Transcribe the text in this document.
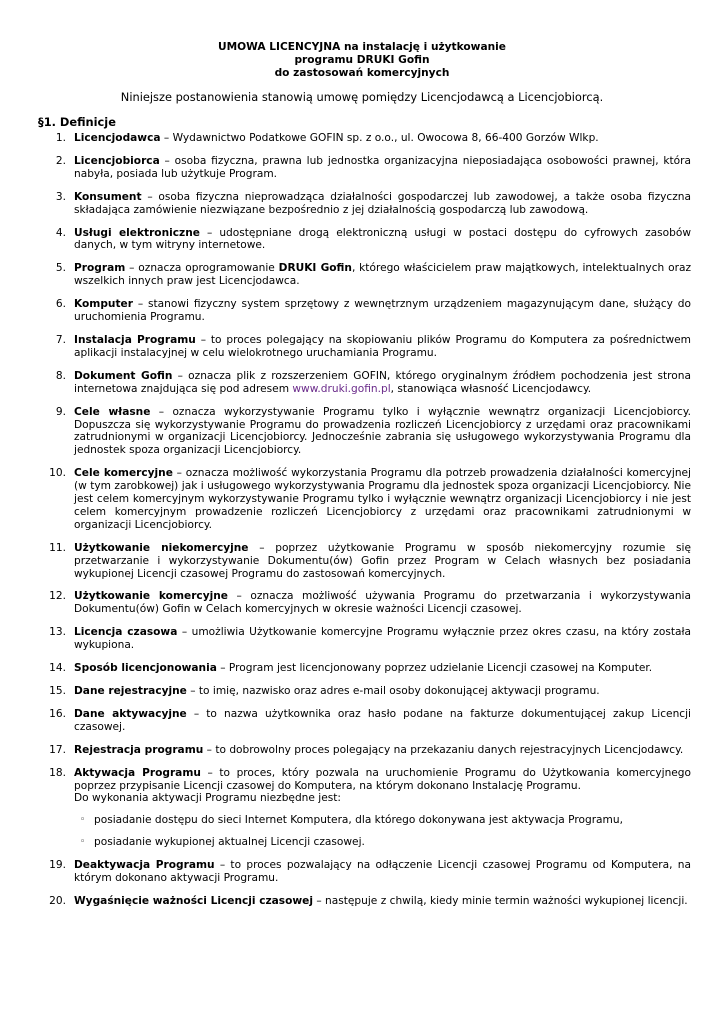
UMOWA LICENCYJNA na instalację i użytkowanie
programu DRUKI Gofin
do zastosowań komercyjnych
Niniejsze postanowienia stanowią umowę pomiędzy Licencjodawcą a Licencjobiorcą.
§1. Definicje
1. Licencjodawca – Wydawnictwo Podatkowe GOFIN sp. z o.o., ul. Owocowa 8, 66-400 Gorzów Wlkp.
2. Licencjobiorca – osoba fizyczna, prawna lub jednostka organizacyjna nieposiadająca osobowości prawnej, która nabyła, posiada lub użytkuje Program.
3. Konsument – osoba fizyczna nieprowadząca działalności gospodarczej lub zawodowej, a także osoba fizyczna składająca zamówienie niezwiązane bezpośrednio z jej działalnością gospodarczą lub zawodową.
4. Usługi elektroniczne – udostępniane drogą elektroniczną usługi w postaci dostępu do cyfrowych zasobów danych, w tym witryny internetowe.
5. Program – oznacza oprogramowanie DRUKI Gofin, którego właścicielem praw majątkowych, intelektualnych oraz wszelkich innych praw jest Licencjodawca.
6. Komputer – stanowi fizyczny system sprzętowy z wewnętrznym urządzeniem magazynującym dane, służący do uruchomienia Programu.
7. Instalacja Programu – to proces polegający na skopiowaniu plików Programu do Komputera za pośrednictwem aplikacji instalacyjnej w celu wielokrotnego uruchamiania Programu.
8. Dokument Gofin – oznacza plik z rozszerzeniem GOFIN, którego oryginalnym źródłem pochodzenia jest strona internetowa znajdująca się pod adresem www.druki.gofin.pl, stanowiąca własność Licencjodawcy.
9. Cele własne – oznacza wykorzystywanie Programu tylko i wyłącznie wewnątrz organizacji Licencjobiorcy. Dopuszcza się wykorzystywanie Programu do prowadzenia rozliczeń Licencjobiorcy z urzędami oraz pracownikami zatrudnionymi w organizacji Licencjobiorcy. Jednocześnie zabrania się usługowego wykorzystywania Programu dla jednostek spoza organizacji Licencjobiorcy.
10. Cele komercyjne – oznacza możliwość wykorzystania Programu dla potrzeb prowadzenia działalności komercyjnej (w tym zarobkowej) jak i usługowego wykorzystywania Programu dla jednostek spoza organizacji Licencjobiorcy. Nie jest celem komercyjnym wykorzystywanie Programu tylko i wyłącznie wewnątrz organizacji Licencjobiorcy i nie jest celem komercyjnym prowadzenie rozliczeń Licencjobiorcy z urzędami oraz pracownikami zatrudnionymi w organizacji Licencjobiorcy.
11. Użytkowanie niekomercyjne – poprzez użytkowanie Programu w sposób niekomercyjny rozumie się przetwarzanie i wykorzystywanie Dokumentu(ów) Gofin przez Program w Celach własnych bez posiadania wykupionej Licencji czasowej Programu do zastosowań komercyjnych.
12. Użytkowanie komercyjne – oznacza możliwość używania Programu do przetwarzania i wykorzystywania Dokumentu(ów) Gofin w Celach komercyjnych w okresie ważności Licencji czasowej.
13. Licencja czasowa – umożliwia Użytkowanie komercyjne Programu wyłącznie przez okres czasu, na który została wykupiona.
14. Sposób licencjonowania – Program jest licencjonowany poprzez udzielanie Licencji czasowej na Komputer.
15. Dane rejestracyjne – to imię, nazwisko oraz adres e-mail osoby dokonującej aktywacji programu.
16. Dane aktywacyjne – to nazwa użytkownika oraz hasło podane na fakturze dokumentującej zakup Licencji czasowej.
17. Rejestracja programu – to dobrowolny proces polegający na przekazaniu danych rejestracyjnych Licencjodawcy.
18. Aktywacja Programu – to proces, który pozwala na uruchomienie Programu do Użytkowania komercyjnego poprzez przypisanie Licencji czasowej do Komputera, na którym dokonano Instalację Programu.
Do wykonania aktywacji Programu niezbędne jest:
◦ posiadanie dostępu do sieci Internet Komputera, dla którego dokonywana jest aktywacja Programu,
◦ posiadanie wykupionej aktualnej Licencji czasowej.
19. Deaktywacja Programu – to proces pozwalający na odłączenie Licencji czasowej Programu od Komputera, na którym dokonano aktywacji Programu.
20. Wygaśnięcie ważności Licencji czasowej – następuje z chwilą, kiedy minie termin ważności wykupionej licencji.
